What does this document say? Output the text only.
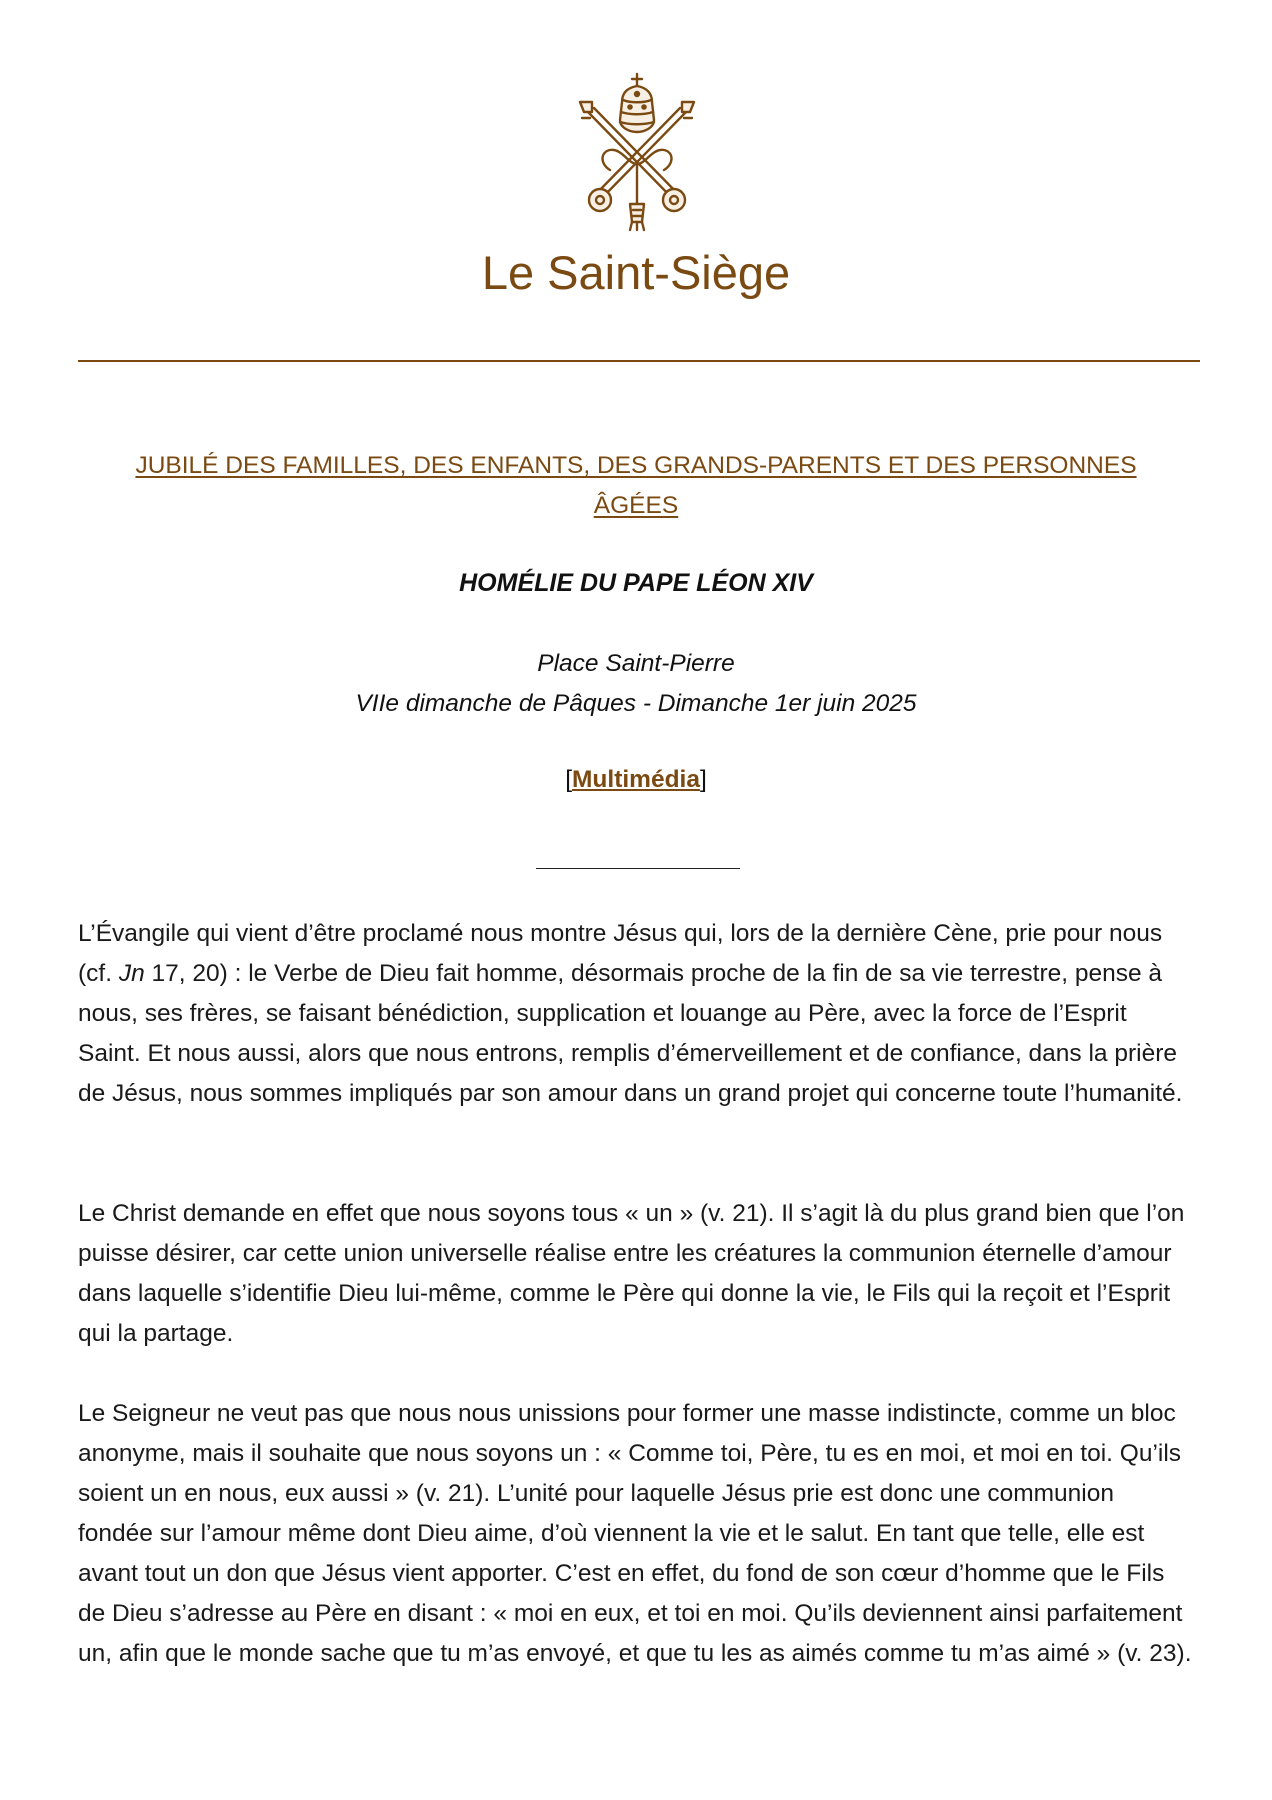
Le Saint-Siège
JUBILÉ DES FAMILLES, DES ENFANTS, DES GRANDS-PARENTS ET DES PERSONNES ÂGÉES
HOMÉLIE DU PAPE LÉON XIV
Place Saint-Pierre
VIIe dimanche de Pâques - Dimanche 1er juin 2025
[Multimédia]

L’Évangile qui vient d’être proclamé nous montre Jésus qui, lors de la dernière Cène, prie pour nous (cf. Jn 17, 20) : le Verbe de Dieu fait homme, désormais proche de la fin de sa vie terrestre, pense à nous, ses frères, se faisant bénédiction, supplication et louange au Père, avec la force de l’Esprit Saint. Et nous aussi, alors que nous entrons, remplis d’émerveillement et de confiance, dans la prière de Jésus, nous sommes impliqués par son amour dans un grand projet qui concerne toute l’humanité.

Le Christ demande en effet que nous soyons tous « un » (v. 21). Il s’agit là du plus grand bien que l’on puisse désirer, car cette union universelle réalise entre les créatures la communion éternelle d’amour dans laquelle s’identifie Dieu lui-même, comme le Père qui donne la vie, le Fils qui la reçoit et l’Esprit qui la partage.

Le Seigneur ne veut pas que nous nous unissions pour former une masse indistincte, comme un bloc anonyme, mais il souhaite que nous soyons un : « Comme toi, Père, tu es en moi, et moi en toi. Qu’ils soient un en nous, eux aussi » (v. 21). L’unité pour laquelle Jésus prie est donc une communion fondée sur l’amour même dont Dieu aime, d’où viennent la vie et le salut. En tant que telle, elle est avant tout un don que Jésus vient apporter. C’est en effet, du fond de son cœur d’homme que le Fils de Dieu s’adresse au Père en disant : « moi en eux, et toi en moi. Qu’ils deviennent ainsi parfaitement un, afin que le monde sache que tu m’as envoyé, et que tu les as aimés comme tu m’as aimé » (v. 23).
